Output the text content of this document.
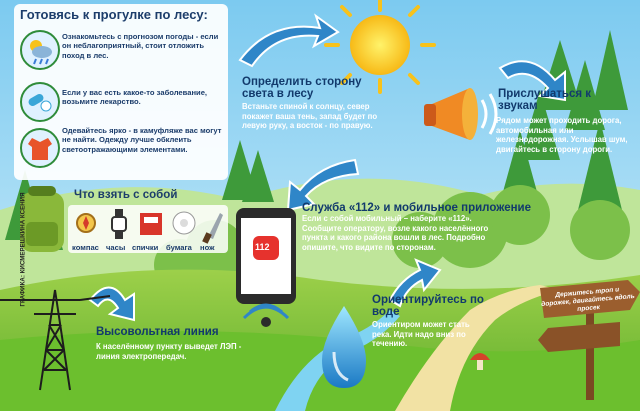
Готовясь к прогулке по лесу:
Ознакомьтесь с прогнозом погоды - если он неблагоприятный, стоит отложить поход в лес.
Если у вас есть какое-то заболевание, возьмите лекарство.
Одевайтесь ярко - в камуфляже вас могут не найти. Одежду лучше обклеить светоотражающими элементами.
Что взять с собой
компас часы спички бумага нож
Определить сторону света в лесу
Встаньте спиной к солнцу, север покажет ваша тень, запад будет по левую руку, а восток - по правую.
Прислушаться к звукам
Рядом может проходить дорога, автомобильная или железнодорожная. Услышав шум, двигайтесь в сторону дороги.
Служба «112» и мобильное приложение
Если с собой мобильный – наберите «112». Сообщите оператору, возле какого населённого пункта и какого района вошли в лес. Подробно опишите, что видите по сторонам.
112
Ориентируйтесь по воде
Ориентиром может стать река. Идти надо вниз по течению.
Высовольтная линия
К населённому пункту выведет ЛЭП - линия электропередач.
Держитесь троп и дорожек, двигайтесь вдоль просек
ГРАФИКА: КИСМЕРЕШКИНА КСЕНИЯ
